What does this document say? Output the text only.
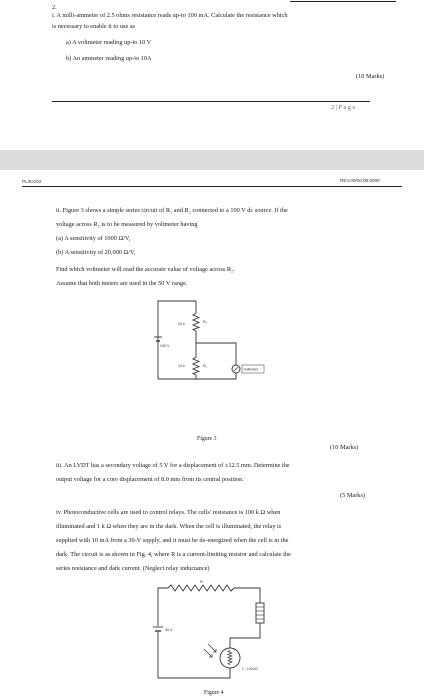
2.
i. A milli-ammeter of 2.5 ohms resistance reads up-to 100 mA. Calculate the resistance which
is necessary to enable it to use as
a) A voltmeter reading up-to 10 V
b) An ammeter reading up-to 10A
(10 Marks)
2 | P a g e
PL/EX/02	REV.00/00.00.0000
ii. Figure 3 shows a simple series circuit of R₁ and R₂ connected to a 100 V dc source. If the
voltage across R₂ is to be measured by voltmeter having
(a) A sensitivity of 1000 Ω/V,
(b) A sensitivity of 20,000 Ω/V,
Find which voltmeter will read the accurate value of voltage across R₂.
Assume that both meters are used in the 50 V range.
100 V
10 k	R₁
10 k	R₂
Voltmeter
Figure 3
(10 Marks)
iii. An LVDT has a secondary voltage of 5 V for a displacement of ±12.5 mm. Determine the
output voltage for a core displacement of 8.0 mm from its central position.
(5 Marks)
iv. Photoconductive cells are used to control relays. The cells' resistance is 100 k Ω when
illuminated and 1 k Ω when they are in the dark. When the cell is illuminated, the relay is
supplied with 10 mA from a 30-V supply, and it must be de-energized when the cell is in the
dark. The circuit is as shown in Fig. 4, where R is a current-limiting resistor and calculate the
series resistance and dark current. (Neglect relay inductance)
R
30 V
1 - 100 kΩ
Figure 4
